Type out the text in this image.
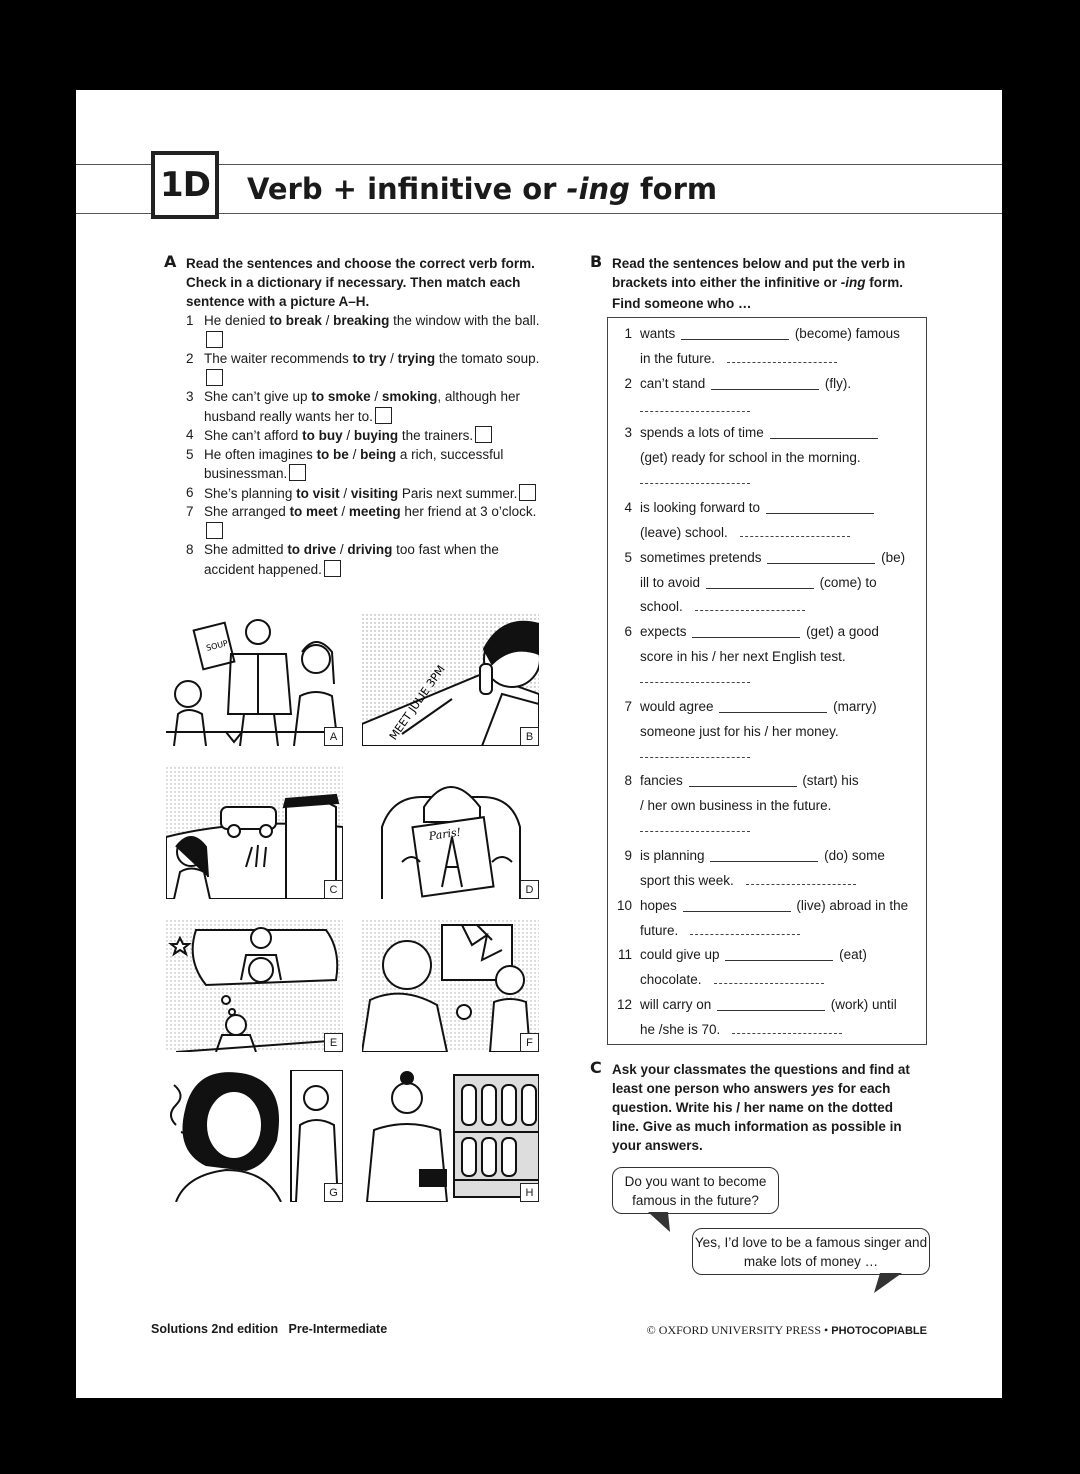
1D Verb + infinitive or -ing form
A Read the sentences and choose the correct verb form. Check in a dictionary if necessary. Then match each sentence with a picture A–H.
1 He denied to break / breaking the window with the ball.
2 The waiter recommends to try / trying the tomato soup.
3 She can’t give up to smoke / smoking, although her husband really wants her to.
4 She can’t afford to buy / buying the trainers.
5 He often imagines to be / being a rich, successful businessman.
6 She’s planning to visit / visiting Paris next summer.
7 She arranged to meet / meeting her friend at 3 o’clock.
8 She admitted to drive / driving too fast when the accident happened.
SOUP
A	MEET JULIE 3PM	B
C
Paris!
D
E	F
G	H
B Read the sentences below and put the verb in brackets into either the infinitive or -ing form.
Find someone who …
1 wants	(become) famous
in the future.
2 can’t stand	(fly).
3 spends a lots of time
(get) ready for school in the morning.
4 is looking forward to
(leave) school.
5 sometimes pretends	(be)
ill to avoid	(come) to
school.
6 expects	(get) a good
score in his / her next English test.
7 would agree	(marry)
someone just for his / her money.
8 fancies	(start) his
/ her own business in the future.
9 is planning	(do) some
sport this week.
10 hopes	(live) abroad in the
future.
11 could give up	(eat)
chocolate.
12 will carry on	(work) until
he /she is 70.
C Ask your classmates the questions and find at least one person who answers yes for each question. Write his / her name on the dotted line. Give as much information as possible in your answers.
Do you want to become famous in the future?
Yes, I’d love to be a famous singer and make lots of money …
Solutions 2nd edition Pre-Intermediate	© OXFORD UNIVERSITY PRESS • PHOTOCOPIABLE
